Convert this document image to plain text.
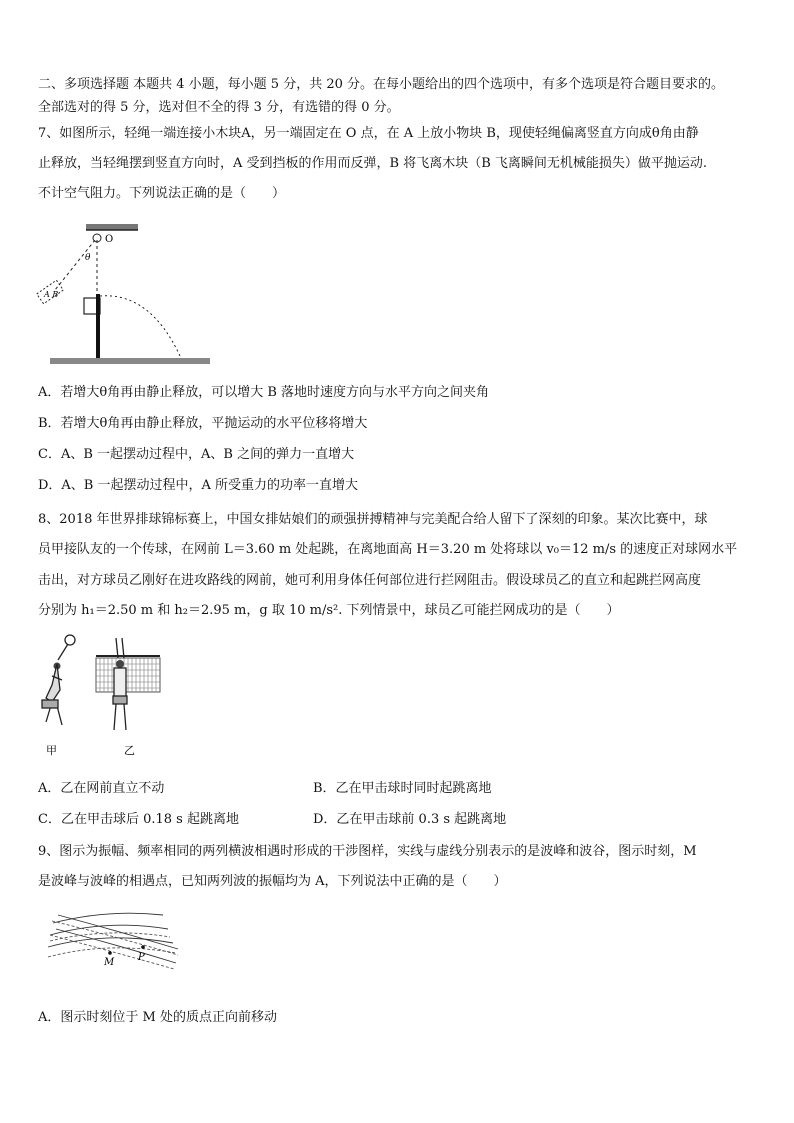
二、多项选择题 本题共 4 小题，每小题 5 分，共 20 分。在每小题给出的四个选项中，有多个选项是符合题目要求的。
全部选对的得 5 分，选对但不全的得 3 分，有选错的得 0 分。
7、如图所示，轻绳一端连接小木块A，另一端固定在 O 点，在 A 上放小物块 B，现使轻绳偏离竖直方向成θ角由静
止释放，当轻绳摆到竖直方向时，A 受到挡板的作用而反弹，B 将飞离木块（B 飞离瞬间无机械能损失）做平抛运动.
不计空气阻力。下列说法正确的是（　　）
O
θ
A B
A．若增大θ角再由静止释放，可以增大 B 落地时速度方向与水平方向之间夹角
B．若增大θ角再由静止释放，平抛运动的水平位移将增大
C．A、B 一起摆动过程中，A、B 之间的弹力一直增大
D．A、B 一起摆动过程中，A 所受重力的功率一直增大
8、2018 年世界排球锦标赛上，中国女排姑娘们的顽强拼搏精神与完美配合给人留下了深刻的印象。某次比赛中，球
员甲接队友的一个传球，在网前 L＝3.60 m 处起跳，在离地面高 H＝3.20 m 处将球以 v₀＝12 m/s 的速度正对球网水平
击出，对方球员乙刚好在进攻路线的网前，她可利用身体任何部位进行拦网阻击。假设球员乙的直立和起跳拦网高度
分别为 h₁＝2.50 m 和 h₂＝2.95 m，g 取 10 m/s². 下列情景中，球员乙可能拦网成功的是（　　）
甲	乙
A．乙在网前直立不动	B．乙在甲击球时同时起跳离地
C．乙在甲击球后 0.18 s 起跳离地	D．乙在甲击球前 0.3 s 起跳离地
9、图示为振幅、频率相同的两列横波相遇时形成的干涉图样，实线与虚线分别表示的是波峰和波谷，图示时刻，M
是波峰与波峰的相遇点，已知两列波的振幅均为 A，下列说法中正确的是（　　）
M P
A．图示时刻位于 M 处的质点正向前移动
